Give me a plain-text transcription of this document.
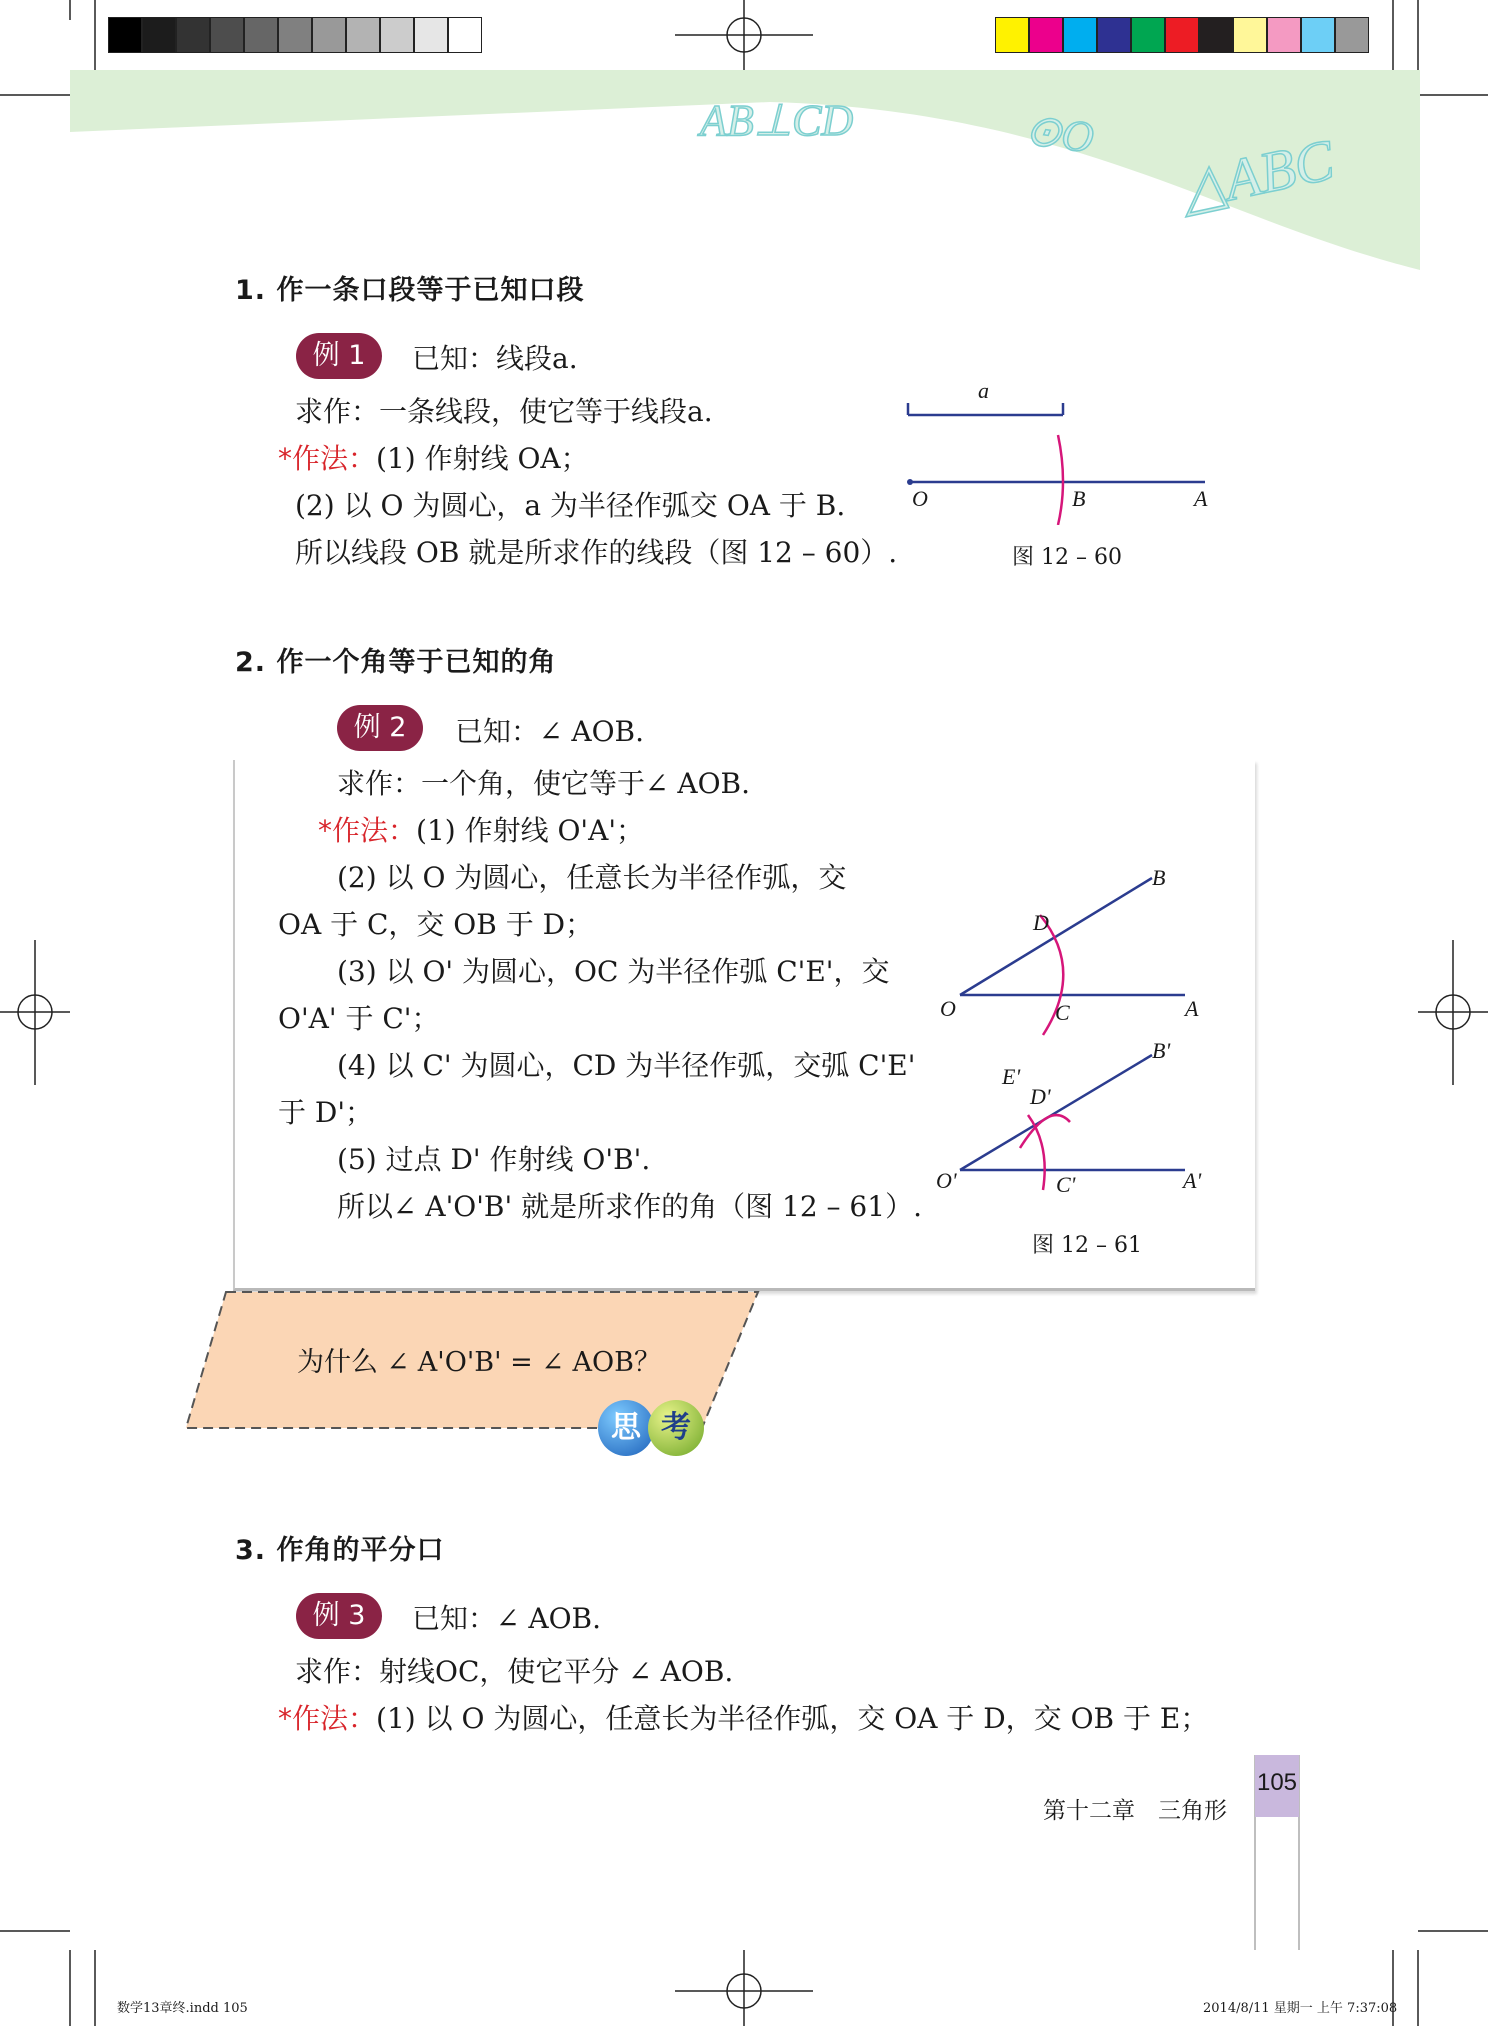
AB⊥CD	⊙O △ABC
1. 作一条口段等于已知口段
例 1	已知：线段a.
求作：一条线段，使它等于线段a.
*作法：(1) 作射线 OA；
(2) 以 O 为圆心，a 为半径作弧交 OA 于 B.
所以线段 OB 就是所求作的线段（图 12 – 60）.
a
O	B	A
图 12 – 60
2. 作一个角等于已知的角
例 2	已知：∠ AOB.
求作：一个角，使它等于∠ AOB.
*作法：(1) 作射线 O'A'；
(2) 以 O 为圆心，任意长为半径作弧，交
OA 于 C，交 OB 于 D；
(3) 以 O' 为圆心，OC 为半径作弧 C'E'，交
O'A' 于 C'；
(4) 以 C' 为圆心，CD 为半径作弧，交弧 C'E'
于 D'；
(5) 过点 D' 作射线 O'B'.
所以∠ A'O'B' 就是所求作的角（图 12 – 61）.
B
D
O	C	A
B'
E'
D'
O'	C'	A'
图 12 – 61
为什么 ∠ A'O'B' = ∠ AOB？
思 考
3. 作角的平分口
例 3	已知：∠ AOB.
求作：射线OC，使它平分 ∠ AOB.
*作法：(1) 以 O 为圆心，任意长为半径作弧，交 OA 于 D，交 OB 于 E；
第十二章　三角形
105
数学13章终.indd 105	2014/8/11 星期一 上午 7:37:08
